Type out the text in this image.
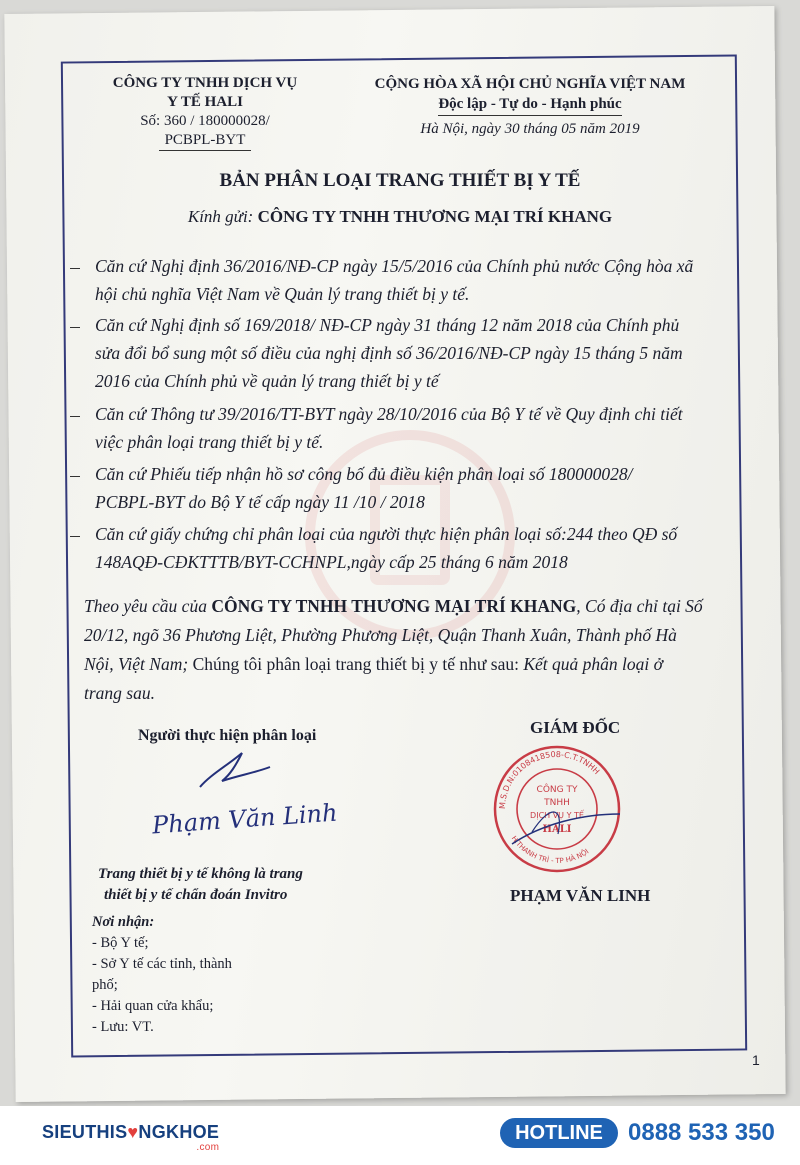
CÔNG TY TNHH DỊCH VỤ
Y TẾ HALI
Số: 360 / 180000028/
PCBPL-BYT
CỘNG HÒA XÃ HỘI CHỦ NGHĨA VIỆT NAM
Độc lập - Tự do - Hạnh phúc
Hà Nội, ngày 30 tháng 05 năm 2019
BẢN PHÂN LOẠI TRANG THIẾT BỊ Y TẾ
Kính gửi: CÔNG TY TNHH THƯƠNG MẠI TRÍ KHANG
Căn cứ Nghị định 36/2016/NĐ-CP ngày 15/5/2016 của Chính phủ nước Cộng hòa xã
hội chủ nghĩa Việt Nam về Quản lý trang thiết bị y tế.
Căn cứ Nghị định số 169/2018/ NĐ-CP ngày 31 tháng 12 năm 2018 của Chính phủ
sửa đổi bổ sung một số điều của nghị định số 36/2016/NĐ-CP ngày 15 tháng 5 năm
2016 của Chính phủ về quản lý trang thiết bị y tế
Căn cứ Thông tư 39/2016/TT-BYT ngày 28/10/2016 của Bộ Y tế về Quy định chi tiết
việc phân loại trang thiết bị y tế.
Căn cứ Phiếu tiếp nhận hồ sơ công bố đủ điều kiện phân loại số 180000028/
PCBPL-BYT do Bộ Y tế cấp ngày 11 /10 / 2018
Căn cứ giấy chứng chỉ phân loại của người thực hiện phân loại số:244 theo QĐ số
148AQĐ-CĐKTTTB/BYT-CCHNPL,ngày cấp 25 tháng 6 năm 2018
Theo yêu cầu của CÔNG TY TNHH THƯƠNG MẠI TRÍ KHANG, Có địa chỉ tại Số
20/12, ngõ 36 Phương Liệt, Phường Phương Liệt, Quận Thanh Xuân, Thành phố Hà
Nội, Việt Nam; Chúng tôi phân loại trang thiết bị y tế như sau: Kết quả phân loại ở
trang sau.
Người thực hiện phân loại
Phạm Văn Linh
GIÁM ĐỐC
M.S.D.N:0108418508-C.T.TNHH
H.THANH TRÌ - TP HÀ NỘI
CÔNG TY
TNHH
DỊCH VỤ Y TẾ
HALI
PHẠM VĂN LINH
Trang thiết bị y tế không là trang
thiết bị y tế chẩn đoán Invitro
Nơi nhận:
- Bộ Y tế;
- Sở Y tế các tỉnh, thành
phố;
- Hải quan cửa khẩu;
- Lưu: VT.
1
SIEUTHIS♥NGKHOE
.com
HOTLINE	0888 533 350
